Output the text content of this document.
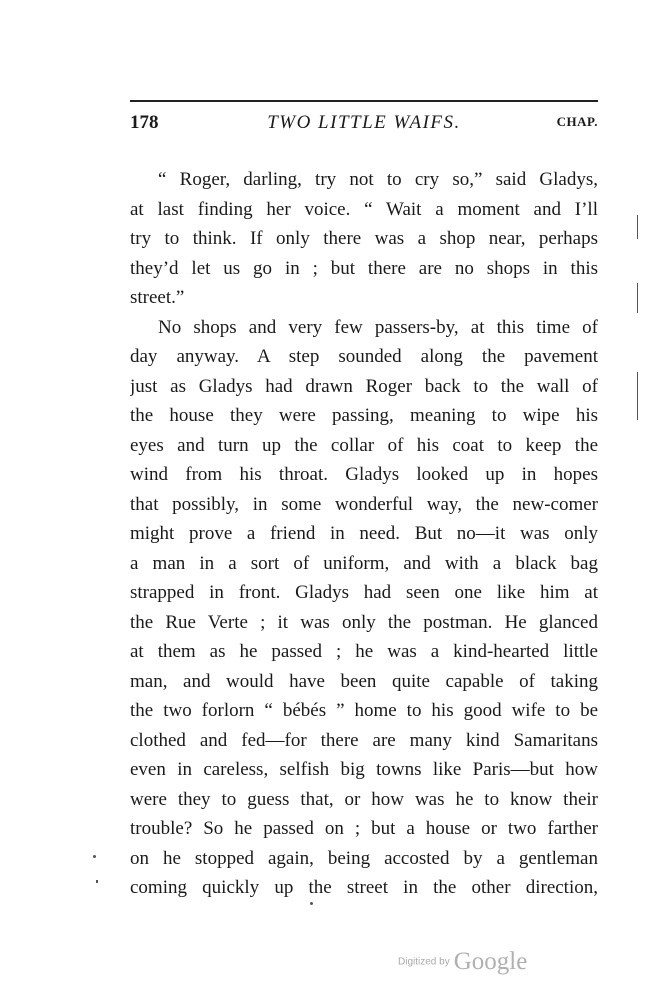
178	TWO LITTLE WAIFS.	CHAP.
“ Roger, darling, try not to cry so,” said Gladys,
at last finding her voice. “ Wait a moment and I’ll
try to think. If only there was a shop near, perhaps
they’d let us go in ; but there are no shops in this
street.”
No shops and very few passers-by, at this time of
day anyway. A step sounded along the pavement
just as Gladys had drawn Roger back to the wall of
the house they were passing, meaning to wipe his
eyes and turn up the collar of his coat to keep the
wind from his throat. Gladys looked up in hopes
that possibly, in some wonderful way, the new-comer
might prove a friend in need. But no—it was only
a man in a sort of uniform, and with a black bag
strapped in front. Gladys had seen one like him at
the Rue Verte ; it was only the postman. He glanced
at them as he passed ; he was a kind-hearted little
man, and would have been quite capable of taking
the two forlorn “ bébés ” home to his good wife to be
clothed and fed—for there are many kind Samaritans
even in careless, selfish big towns like Paris—but how
were they to guess that, or how was he to know their
trouble? So he passed on ; but a house or two farther
on he stopped again, being accosted by a gentleman
coming quickly up the street in the other direction,
Digitized by Google
